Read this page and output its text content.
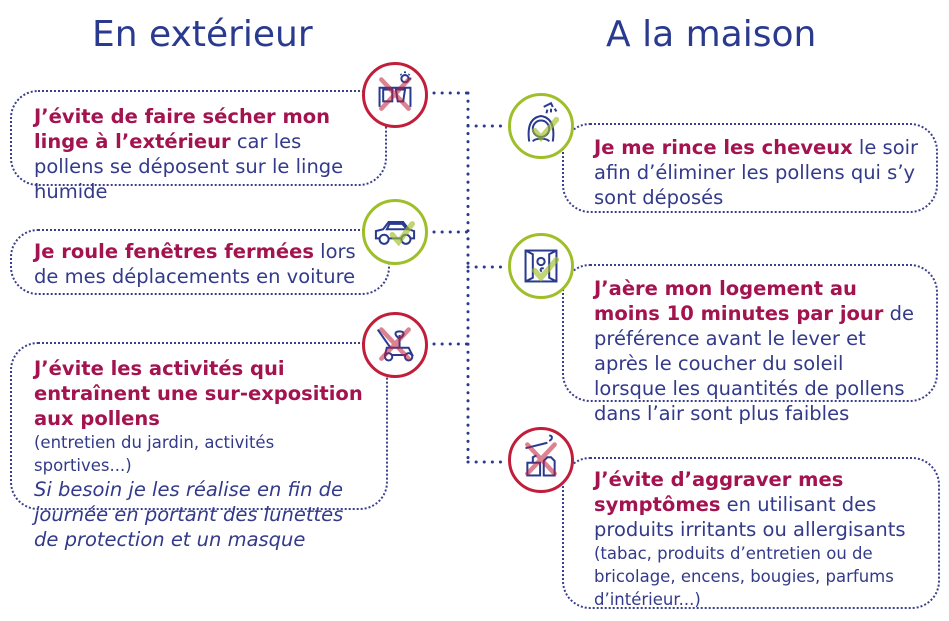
En extérieur	A la maison
J’évite de faire sécher mon linge à l’extérieur car les pollens se déposent sur le linge humide
Je roule fenêtres fermées lors de mes déplacements en voiture
J’évite les activités qui entraînent une sur-exposition aux pollens
(entretien du jardin, activités sportives...)
Si besoin je les réalise en fin de journée en portant des lunettes de protection et un masque
Je me rince les cheveux le soir afin d’éliminer les pollens qui s’y sont déposés
J’aère mon logement au moins 10 minutes par jour de préférence avant le lever et après le coucher du soleil lorsque les quantités de pollens dans l’air sont plus faibles
J’évite d’aggraver mes symptômes en utilisant des produits irritants ou allergisants
(tabac, produits d’entretien ou de bricolage, encens, bougies, parfums d’intérieur...)
